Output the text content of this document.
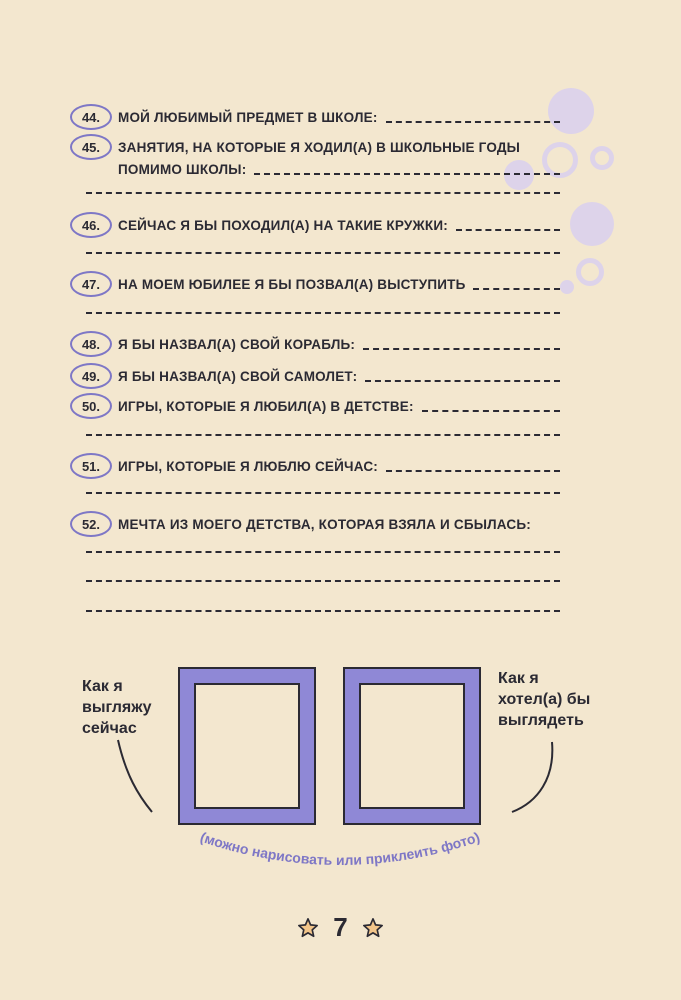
44.	МОЙ ЛЮБИМЫЙ ПРЕДМЕТ В ШКОЛЕ:
45.	ЗАНЯТИЯ, НА КОТОРЫЕ Я ХОДИЛ(А) В ШКОЛЬНЫЕ ГОДЫ
ПОМИМО ШКОЛЫ:
46.	СЕЙЧАС Я БЫ ПОХОДИЛ(А) НА ТАКИЕ КРУЖКИ:
47.	НА МОЕМ ЮБИЛЕЕ Я БЫ ПОЗВАЛ(А) ВЫСТУПИТЬ
48.	Я БЫ НАЗВАЛ(А) СВОЙ КОРАБЛЬ:
49.	Я БЫ НАЗВАЛ(А) СВОЙ САМОЛЕТ:
50.	ИГРЫ, КОТОРЫЕ Я ЛЮБИЛ(А) В ДЕТСТВЕ:
51.	ИГРЫ, КОТОРЫЕ Я ЛЮБЛЮ СЕЙЧАС:
52.	МЕЧТА ИЗ МОЕГО ДЕТСТВА, КОТОРАЯ ВЗЯЛА И СБЫЛАСЬ:
Как я
выгляжу
сейчас
Как я
хотел(а) бы
выглядеть
(можно нарисовать или приклеить фото)
7
